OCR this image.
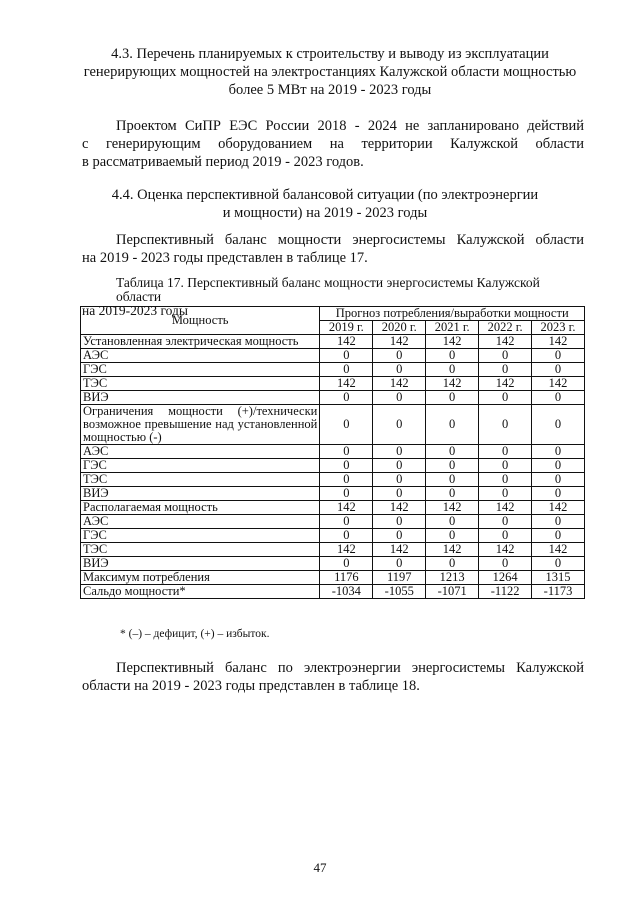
4.3. Перечень планируемых к строительству и выводу из эксплуатации
генерирующих мощностей на электростанциях Калужской области мощностью
более 5 МВт на 2019 - 2023 годы
Проектом СиПР ЕЭС России 2018 - 2024 не запланировано действий
с генерирующим оборудованием на территории Калужской области
в рассматриваемый период 2019 - 2023 годов.
4.4. Оценка перспективной балансовой ситуации (по электроэнергии
и мощности) на 2019 - 2023 годы
Перспективный баланс мощности энергосистемы Калужской области
на 2019 - 2023 годы представлен в таблице 17.
Таблица 17. Перспективный баланс мощности энергосистемы Калужской области
на 2019-2023 годы
Мощность	Прогноз потребления/выработки мощности				
	2019 г.	2020 г.	2021 г.	2022 г.	2023 г.
Установленная электрическая мощность	142	142	142	142	142
АЭС	0	0	0	0	0
ГЭС	0	0	0	0	0
ТЭС	142	142	142	142	142
ВИЭ	0	0	0	0	0
Ограничения мощности (+)/технически возможное превышение над установленной мощностью (-)	0	0	0	0	0
АЭС	0	0	0	0	0
ГЭС	0	0	0	0	0
ТЭС	0	0	0	0	0
ВИЭ	0	0	0	0	0
Располагаемая мощность	142	142	142	142	142
АЭС	0	0	0	0	0
ГЭС	0	0	0	0	0
ТЭС	142	142	142	142	142
ВИЭ	0	0	0	0	0
Максимум потребления	1176	1197	1213	1264	1315
Сальдо мощности*	-1034	-1055	-1071	-1122	-1173
* (–) – дефицит, (+) – избыток.
Перспективный баланс по электроэнергии энергосистемы Калужской
области на 2019 - 2023 годы представлен в таблице 18.
47
